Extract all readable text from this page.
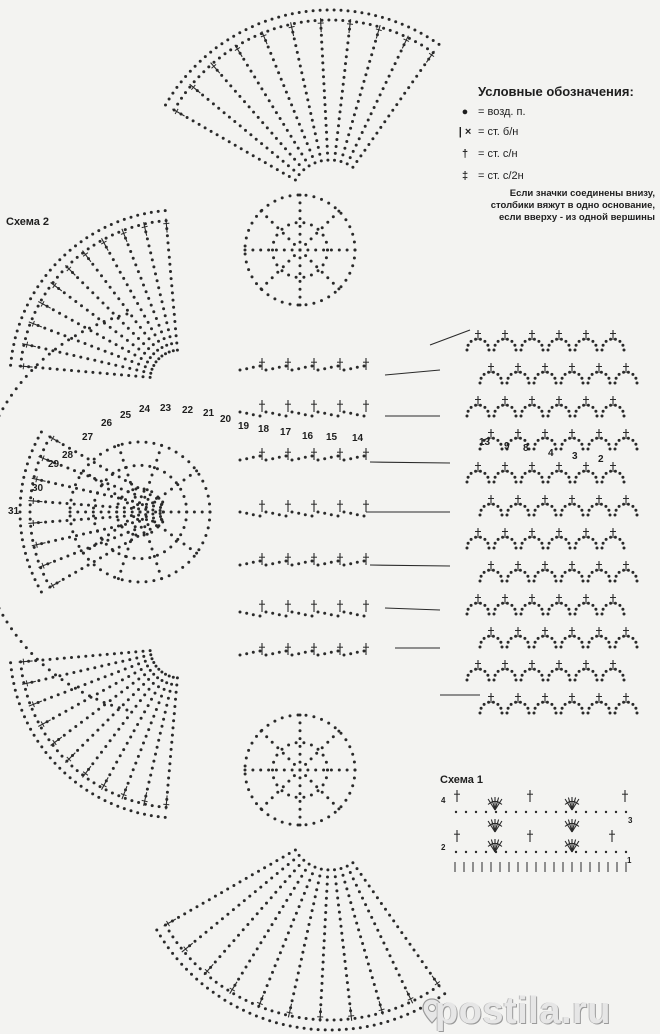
Схема 2
Условные обозначения:
● = возд. п.
| × = ст. б/н
† = ст. с/н
‡ = ст. с/2н
Если значки соединены внизу,
столбики вяжут в одно основание,
если вверху - из одной вершины
14
15
16
17
18
19
20
21
22
23
24
25
26
27
28
29
30
31
13 9 8 4 3 2
Схема 1
1
2
3
4
postila.ru
